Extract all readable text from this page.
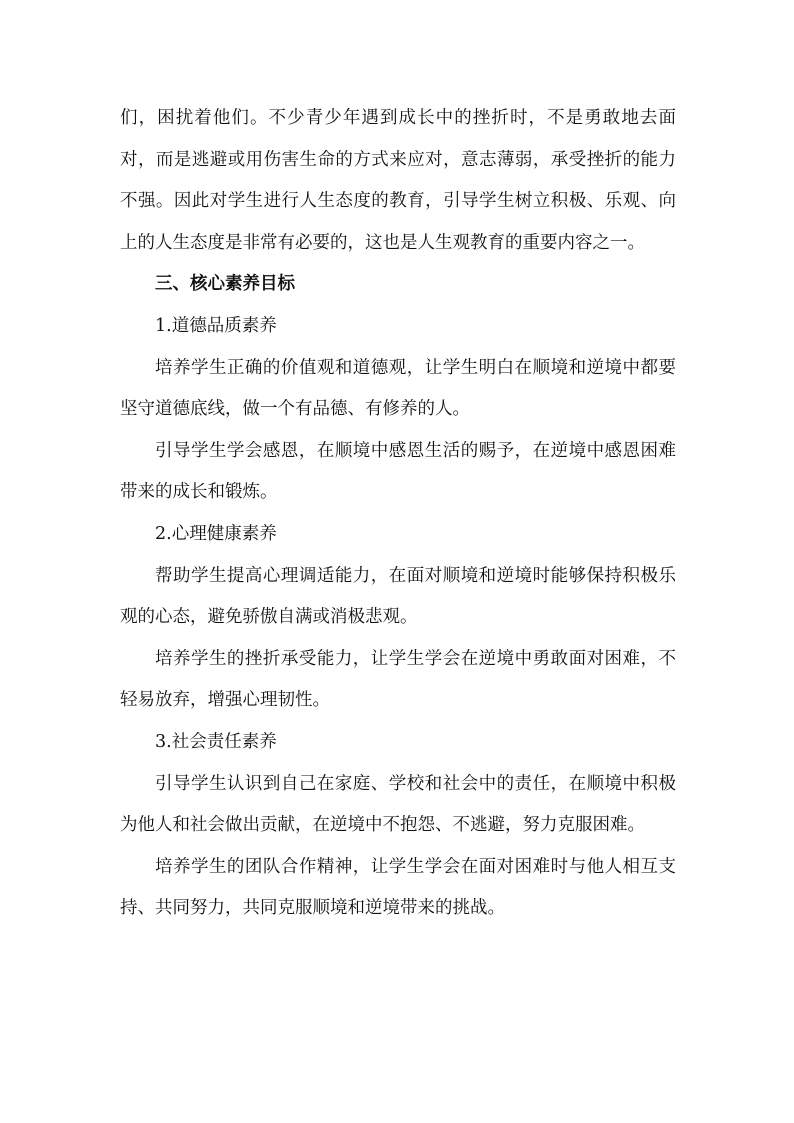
们，困扰着他们。不少青少年遇到成长中的挫折时，不是勇敢地去面对，而是逃避或用伤害生命的方式来应对，意志薄弱，承受挫折的能力不强。因此对学生进行人生态度的教育，引导学生树立积极、乐观、向上的人生态度是非常有必要的，这也是人生观教育的重要内容之一。

三、核心素养目标

1.道德品质素养

培养学生正确的价值观和道德观，让学生明白在顺境和逆境中都要坚守道德底线，做一个有品德、有修养的人。

引导学生学会感恩，在顺境中感恩生活的赐予，在逆境中感恩困难带来的成长和锻炼。

2.心理健康素养

帮助学生提高心理调适能力，在面对顺境和逆境时能够保持积极乐观的心态，避免骄傲自满或消极悲观。

培养学生的挫折承受能力，让学生学会在逆境中勇敢面对困难，不轻易放弃，增强心理韧性。

3.社会责任素养

引导学生认识到自己在家庭、学校和社会中的责任，在顺境中积极为他人和社会做出贡献，在逆境中不抱怨、不逃避，努力克服困难。

培养学生的团队合作精神，让学生学会在面对困难时与他人相互支持、共同努力，共同克服顺境和逆境带来的挑战。
